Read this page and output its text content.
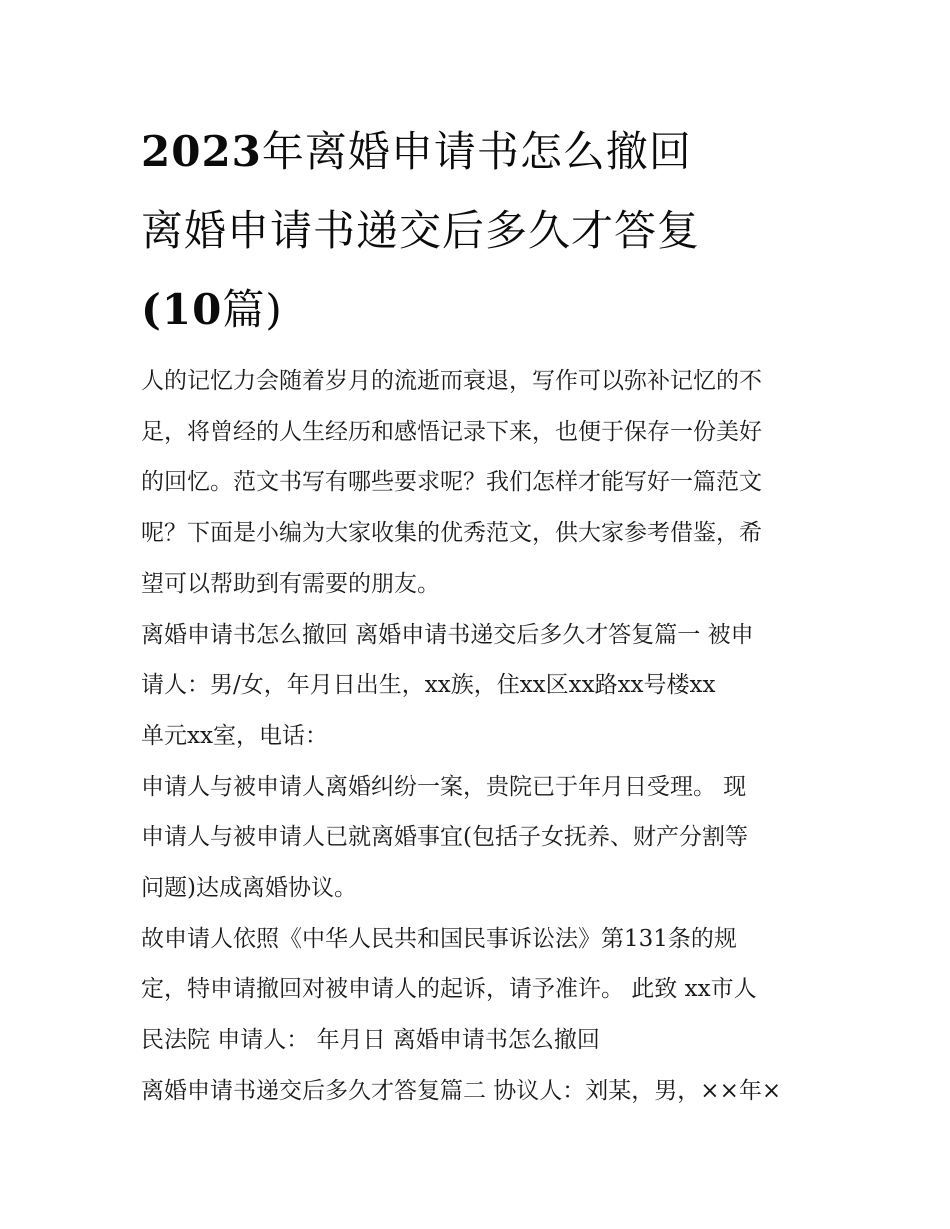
2023年离婚申请书怎么撤回
离婚申请书递交后多久才答复
(10篇)

人的记忆力会随着岁月的流逝而衰退，写作可以弥补记忆的不
足，将曾经的人生经历和感悟记录下来，也便于保存一份美好
的回忆。范文书写有哪些要求呢？我们怎样才能写好一篇范文
呢？下面是小编为大家收集的优秀范文，供大家参考借鉴，希
望可以帮助到有需要的朋友。

离婚申请书怎么撤回 离婚申请书递交后多久才答复篇一 被申
请人：男/女，年月日出生，xx族，住xx区xx路xx号楼xx
单元xx室，电话：

申请人与被申请人离婚纠纷一案，贵院已于年月日受理。 现
申请人与被申请人已就离婚事宜(包括子女抚养、财产分割等
问题)达成离婚协议。

故申请人依照《中华人民共和国民事诉讼法》第131条的规
定，特申请撤回对被申请人的起诉，请予准许。 此致 xx市人
民法院 申请人： 年月日 离婚申请书怎么撤回

离婚申请书递交后多久才答复篇二 协议人：刘某，男，××年×
